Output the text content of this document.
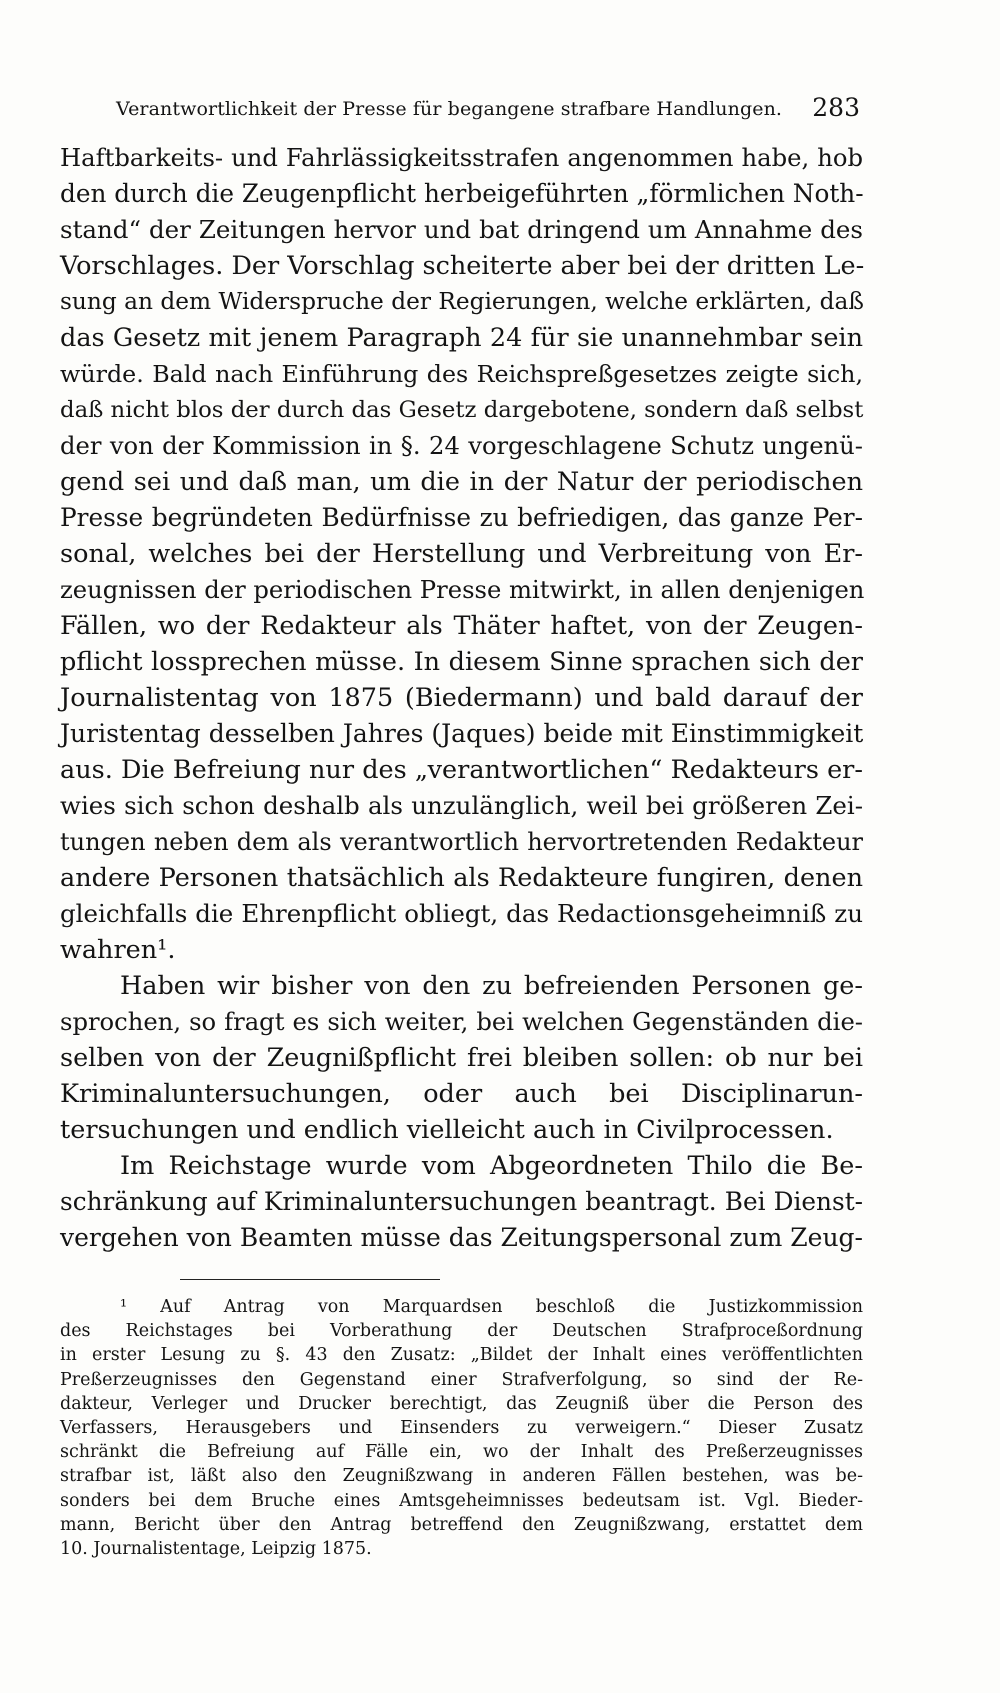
Verantwortlichkeit der Presse für begangene strafbare Handlungen. 283
Haftbarkeits- und Fahrlässigkeitsstrafen angenommen habe, hob
den durch die Zeugenpflicht herbeigeführten „förmlichen Noth-
stand“ der Zeitungen hervor und bat dringend um Annahme des
Vorschlages. Der Vorschlag scheiterte aber bei der dritten Le-
sung an dem Widerspruche der Regierungen, welche erklärten, daß
das Gesetz mit jenem Paragraph 24 für sie unannehmbar sein
würde. Bald nach Einführung des Reichspreßgesetzes zeigte sich,
daß nicht blos der durch das Gesetz dargebotene, sondern daß selbst
der von der Kommission in §. 24 vorgeschlagene Schutz ungenü-
gend sei und daß man, um die in der Natur der periodischen
Presse begründeten Bedürfnisse zu befriedigen, das ganze Per-
sonal, welches bei der Herstellung und Verbreitung von Er-
zeugnissen der periodischen Presse mitwirkt, in allen denjenigen
Fällen, wo der Redakteur als Thäter haftet, von der Zeugen-
pflicht lossprechen müsse. In diesem Sinne sprachen sich der
Journalistentag von 1875 (Biedermann) und bald darauf der
Juristentag desselben Jahres (Jaques) beide mit Einstimmigkeit
aus. Die Befreiung nur des „verantwortlichen“ Redakteurs er-
wies sich schon deshalb als unzulänglich, weil bei größeren Zei-
tungen neben dem als verantwortlich hervortretenden Redakteur
andere Personen thatsächlich als Redakteure fungiren, denen
gleichfalls die Ehrenpflicht obliegt, das Redactionsgeheimniß zu
wahren¹.
Haben wir bisher von den zu befreienden Personen ge-
sprochen, so fragt es sich weiter, bei welchen Gegenständen die-
selben von der Zeugnißpflicht frei bleiben sollen: ob nur bei
Kriminaluntersuchungen, oder auch bei Disciplinarun-
tersuchungen und endlich vielleicht auch in Civilprocessen.
Im Reichstage wurde vom Abgeordneten Thilo die Be-
schränkung auf Kriminaluntersuchungen beantragt. Bei Dienst-
vergehen von Beamten müsse das Zeitungspersonal zum Zeug-
¹ Auf Antrag von Marquardsen beschloß die Justizkommission
des Reichstages bei Vorberathung der Deutschen Strafproceßordnung
in erster Lesung zu §. 43 den Zusatz: „Bildet der Inhalt eines veröffentlichten
Preßerzeugnisses den Gegenstand einer Strafverfolgung, so sind der Re-
dakteur, Verleger und Drucker berechtigt, das Zeugniß über die Person des
Verfassers, Herausgebers und Einsenders zu verweigern.“ Dieser Zusatz
schränkt die Befreiung auf Fälle ein, wo der Inhalt des Preßerzeugnisses
strafbar ist, läßt also den Zeugnißzwang in anderen Fällen bestehen, was be-
sonders bei dem Bruche eines Amtsgeheimnisses bedeutsam ist. Vgl. Bieder-
mann, Bericht über den Antrag betreffend den Zeugnißzwang, erstattet dem
10. Journalistentage, Leipzig 1875.
